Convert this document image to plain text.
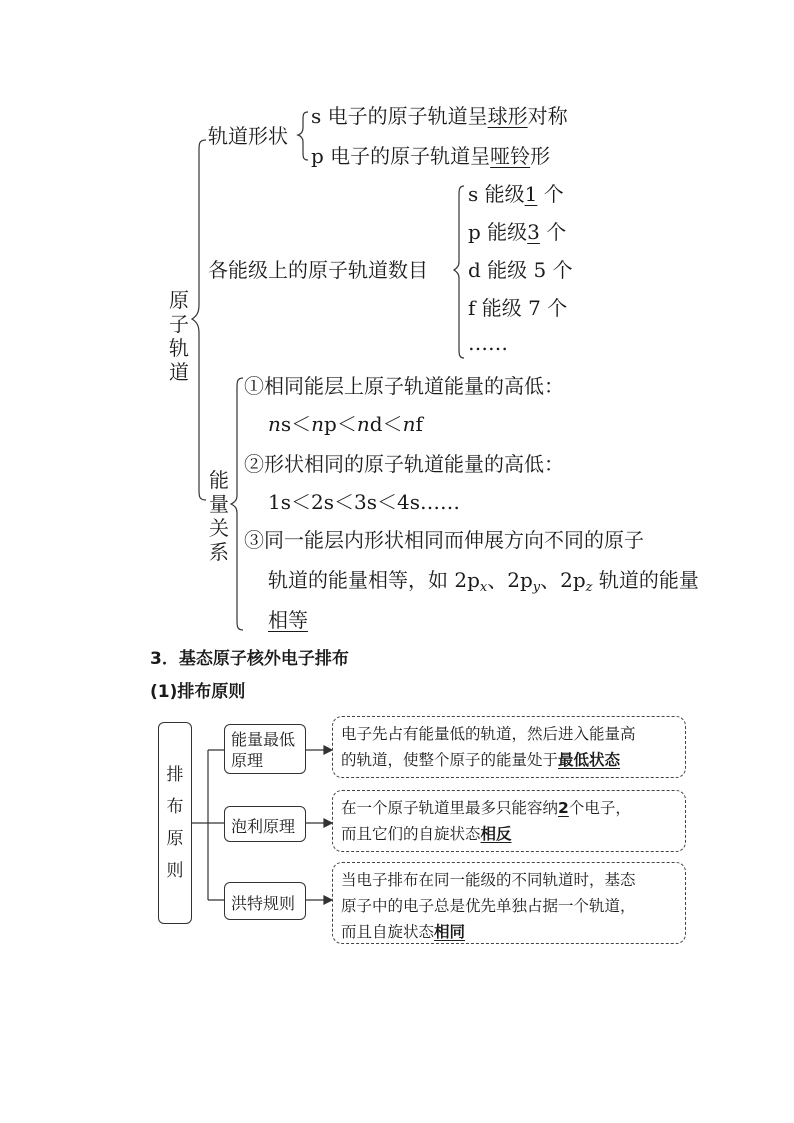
原子轨道
轨道形状
s 电子的原子轨道呈球形对称
p 电子的原子轨道呈哑铃形
各能级上的原子轨道数目
s 能级1 个
p 能级3 个
d 能级 5 个
f 能级 7 个
……
能量关系
①相同能层上原子轨道能量的高低：
ns＜np＜nd＜nf
②形状相同的原子轨道能量的高低：
1s＜2s＜3s＜4s……
③同一能层内形状相同而伸展方向不同的原子
轨道的能量相等，如 $2p_x$、$2p_y$、$2p_z$ 轨道的能量
相等
3．基态原子核外电子排布
(1)排布原则
排布原则
能量最低
原理
泡利原理
洪特规则
电子先占有能量低的轨道，然后进入能量高
的轨道，使整个原子的能量处于最低状态
在一个原子轨道里最多只能容纳2个电子，
而且它们的自旋状态相反
当电子排布在同一能级的不同轨道时，基态
原子中的电子总是优先单独占据一个轨道，
而且自旋状态相同
